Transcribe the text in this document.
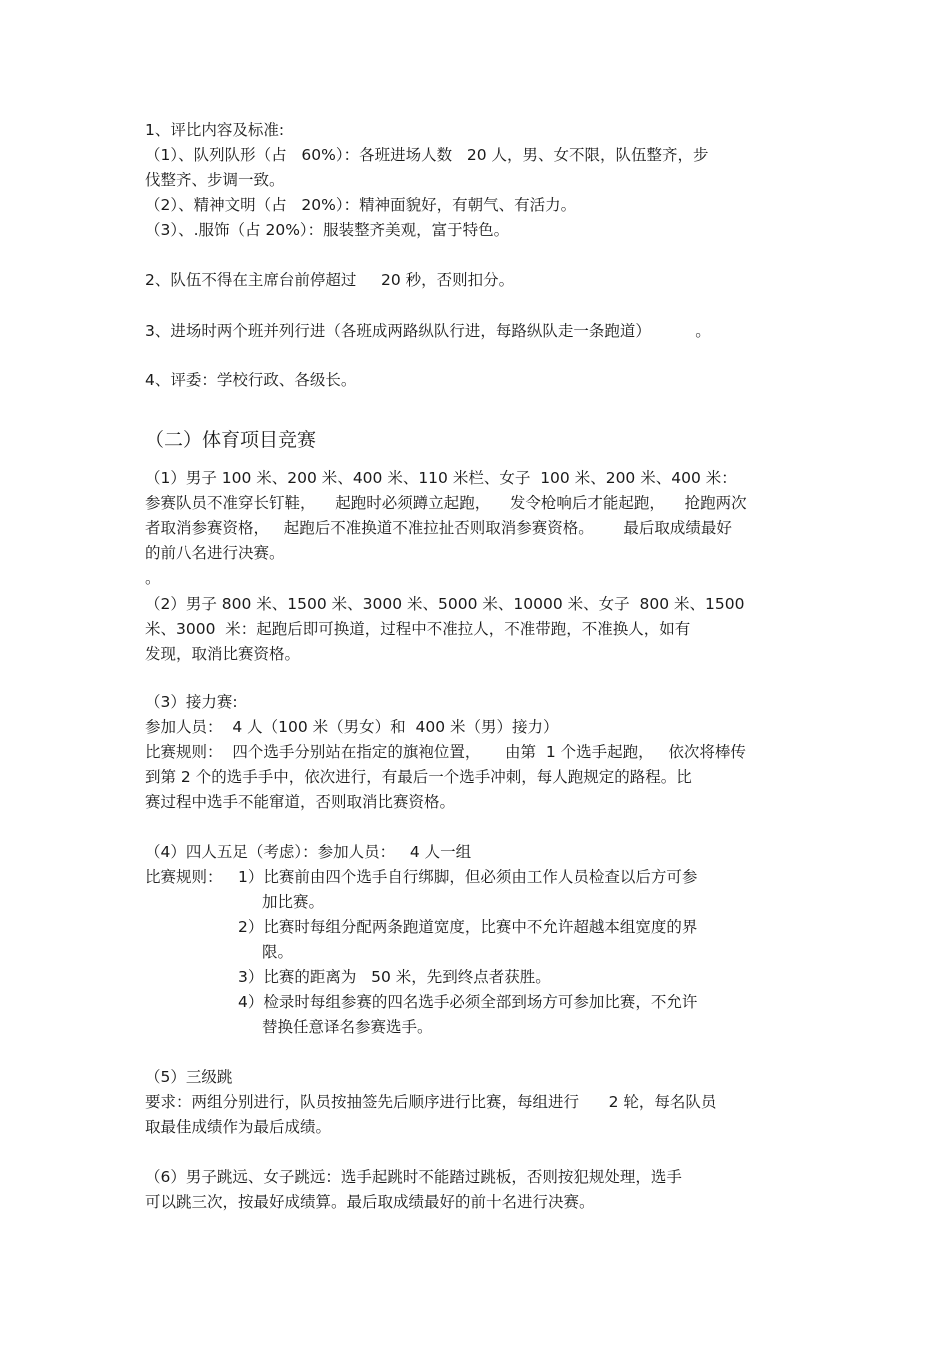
1、评比内容及标准:

（1）、队列队形（占   60%）：各班进场人数   20 人，男、女不限，队伍整齐，步

伐整齐、步调一致。

（2）、精神文明（占   20%）：精神面貌好，有朝气、有活力。

（3）、.服饰（占 20%）：服装整齐美观，富于特色。

2、队伍不得在主席台前停超过     20 秒，否则扣分。

3、进场时两个班并列行进（各班成两路纵队行进，每路纵队走一条跑道）         。

4、评委：学校行政、各级长。

（二）体育项目竞赛

（1）男子 100 米、200 米、400 米、110 米栏、女子  100 米、200 米、400 米：

参赛队员不准穿长钉鞋，    起跑时必须蹲立起跑，    发令枪响后才能起跑，    抢跑两次

者取消参赛资格，   起跑后不准换道不准拉扯否则取消参赛资格。      最后取成绩最好

的前八名进行决赛。

。

（2）男子 800 米、1500 米、3000 米、5000 米、10000 米、女子  800 米、1500

米、3000  米：起跑后即可换道，过程中不准拉人，不准带跑，不准换人，如有

发现，取消比赛资格。

（3）接力赛:

参加人员：  4 人（100 米（男女）和  400 米（男）接力）

比赛规则：  四个选手分别站在指定的旗袍位置，     由第  1 个选手起跑，   依次将棒传

到第 2 个的选手手中，依次进行，有最后一个选手冲刺，每人跑规定的路程。比

赛过程中选手不能窜道，否则取消比赛资格。

（4）四人五足（考虑）：参加人员：   4 人一组

比赛规则： 1）比赛前由四个选手自行绑脚，但必须由工作人员检查以后方可参

加比赛。

2）比赛时每组分配两条跑道宽度，比赛中不允许超越本组宽度的界

限。

3）比赛的距离为   50 米，先到终点者获胜。

4）检录时每组参赛的四名选手必须全部到场方可参加比赛，不允许

替换任意译名参赛选手。

（5）三级跳

要求：两组分别进行，队员按抽签先后顺序进行比赛，每组进行      2 轮，每名队员

取最佳成绩作为最后成绩。

（6）男子跳远、女子跳远：选手起跳时不能踏过跳板，否则按犯规处理，选手

可以跳三次，按最好成绩算。最后取成绩最好的前十名进行决赛。
